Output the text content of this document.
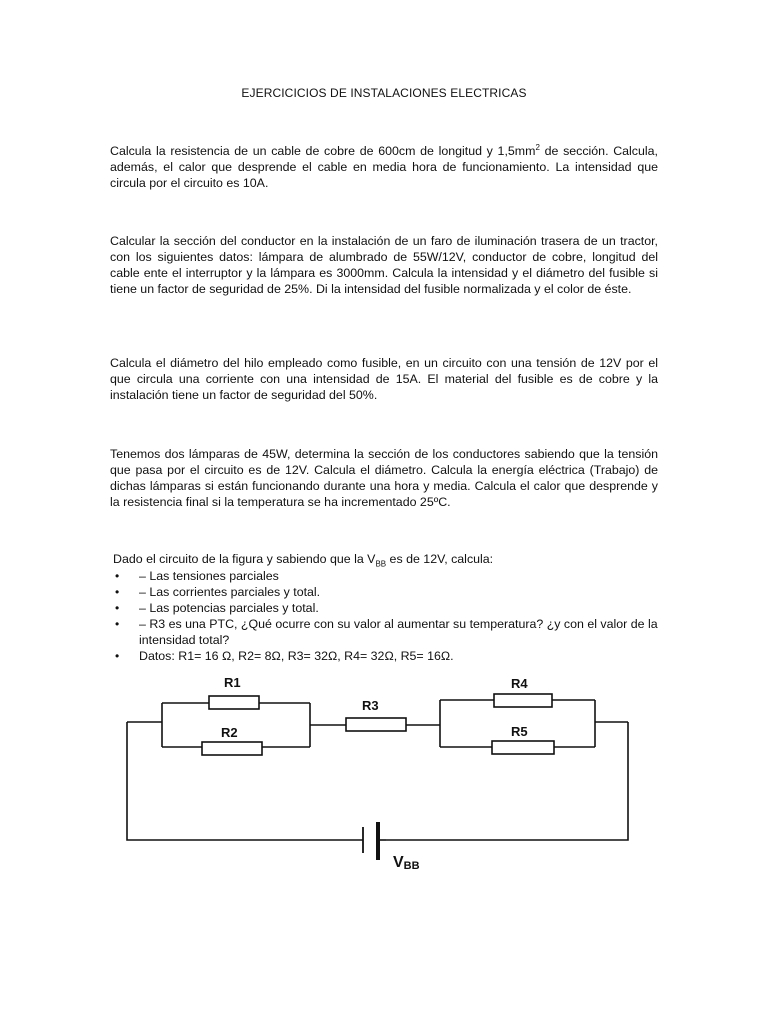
EJERCICICIOS DE INSTALACIONES ELECTRICAS

Calcula la resistencia de un cable de cobre de 600cm de longitud y $1,5mm^2$ de sección. Calcula, además, el calor que desprende el cable en media hora de funcionamiento. La intensidad que circula por el circuito es 10A.

Calcular la sección del conductor en la instalación de un faro de iluminación trasera de un tractor, con los siguientes datos: lámpara de alumbrado de 55W/12V, conductor de cobre, longitud del cable ente el interruptor y la lámpara es 3000mm. Calcula la intensidad y el diámetro del fusible si tiene un factor de seguridad de 25%. Di la intensidad del fusible normalizada y el color de éste.

Calcula el diámetro del hilo empleado como fusible, en un circuito con una tensión de 12V por el que circula una corriente con una intensidad de 15A. El material del fusible es de cobre y la instalación tiene un factor de seguridad del 50%.

Tenemos dos lámparas de 45W, determina la sección de los conductores sabiendo que la tensión que pasa por el circuito es de 12V. Calcula el diámetro. Calcula la energía eléctrica (Trabajo) de dichas lámparas si están funcionando durante una hora y media. Calcula el calor que desprende y la resistencia final si la temperatura se ha incrementado 25ºC.

Dado el circuito de la figura y sabiendo que la $V_{BB}$ es de 12V, calcula:

• – Las tensiones parciales
• – Las corrientes parciales y total.
• – Las potencias parciales y total.
• – R3 es una PTC, ¿Qué ocurre con su valor al aumentar su temperatura? ¿y con el valor de la intensidad total?
• Datos: R1= 16 Ω, R2= 8Ω, R3= 32Ω, R4= 32Ω, R5= 16Ω.
R1
R2
R3
R4
R5
VBB
